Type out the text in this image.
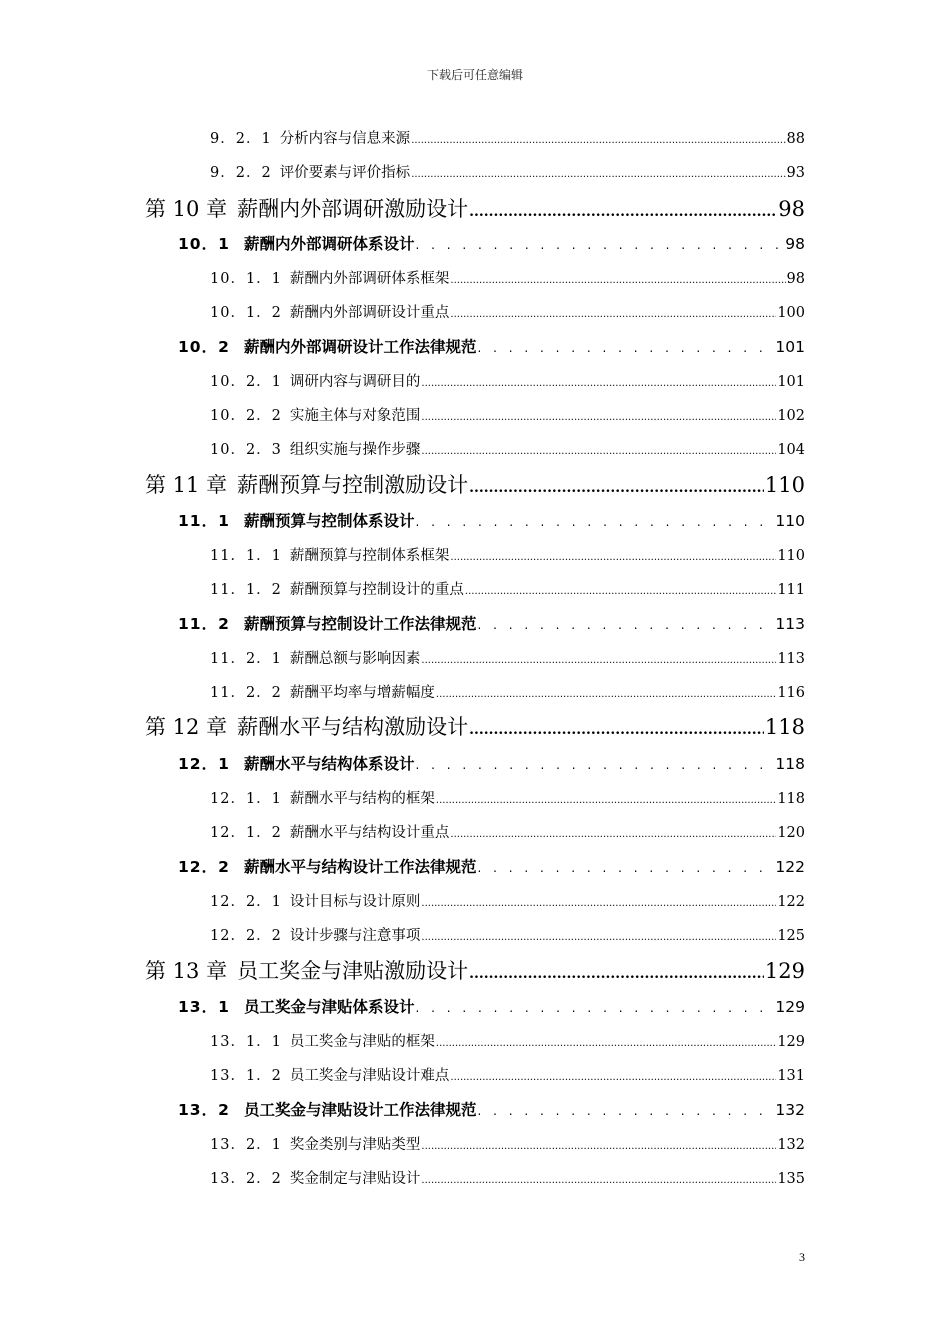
下载后可任意编辑
9．2．1 分析内容与信息来源 .....	88
9．2．2 评价要素与评价指标 .....	93
第 10 章 薪酬内外部调研激励设计 .....	98
10．1 薪酬内外部调研体系设计 . . .	98
10．1．1 薪酬内外部调研体系框架 .....	98
10．1．2 薪酬内外部调研设计重点 .....	100
10．2 薪酬内外部调研设计工作法律规范 . . .	101
10．2．1 调研内容与调研目的 .....	101
10．2．2 实施主体与对象范围 .....	102
10．2．3 组织实施与操作步骤 .....	104
第 11 章 薪酬预算与控制激励设计 .....	110
11．1 薪酬预算与控制体系设计 . . .	110
11．1．1 薪酬预算与控制体系框架 .....	110
11．1．2 薪酬预算与控制设计的重点 .....	111
11．2 薪酬预算与控制设计工作法律规范 . . .	113
11．2．1 薪酬总额与影响因素 .....	113
11．2．2 薪酬平均率与增薪幅度 .....	116
第 12 章 薪酬水平与结构激励设计 .....	118
12．1 薪酬水平与结构体系设计 . . .	118
12．1．1 薪酬水平与结构的框架 .....	118
12．1．2 薪酬水平与结构设计重点 .....	120
12．2 薪酬水平与结构设计工作法律规范 . . .	122
12．2．1 设计目标与设计原则 .....	122
12．2．2 设计步骤与注意事项 .....	125
第 13 章 员工奖金与津贴激励设计 .....	129
13．1 员工奖金与津贴体系设计 . . .	129
13．1．1 员工奖金与津贴的框架 .....	129
13．1．2 员工奖金与津贴设计难点 .....	131
13．2 员工奖金与津贴设计工作法律规范 . . .	132
13．2．1 奖金类别与津贴类型 .....	132
13．2．2 奖金制定与津贴设计 .....	135
3
